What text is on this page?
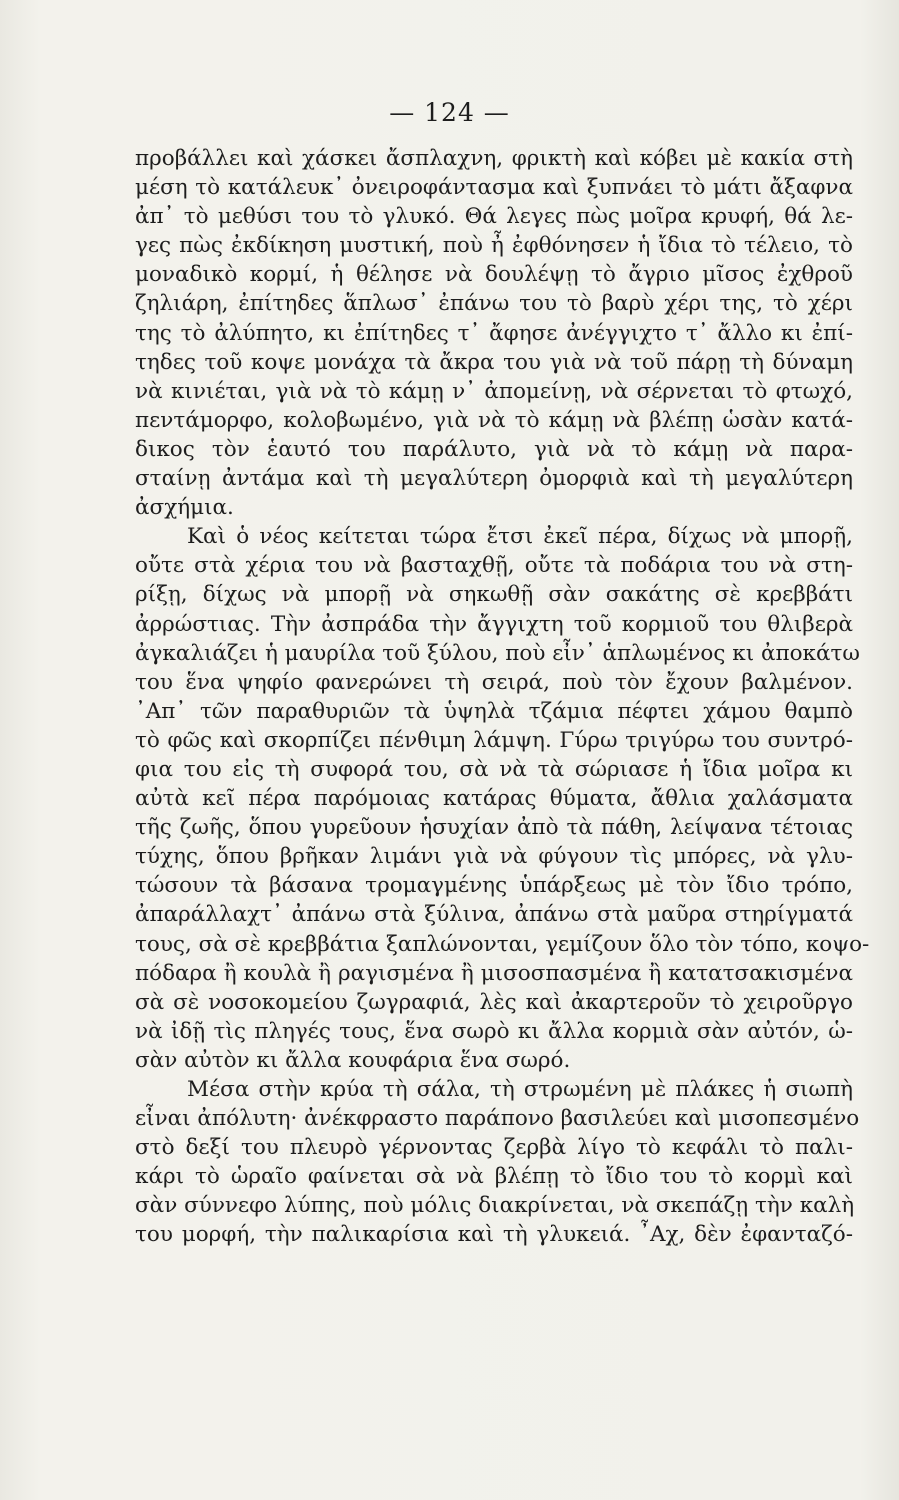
— 124 —
προβάλλει καὶ χάσκει ἄσπλαχνη, φρικτὴ καὶ κόβει μὲ κακία στὴ
μέση τὸ κατάλευκ᾽ ὀνειροφάντασμα καὶ ξυπνάει τὸ μάτι ἄξαφνα
ἀπ᾽ τὸ μεθύσι του τὸ γλυκό. Θά λεγες πὼς μοῖρα κρυφή, θά λε-
γες πὼς ἐκδίκηση μυστική, ποὺ ἦ ἐφθόνησεν ἡ ἴδια τὸ τέλειο, τὸ
μοναδικὸ κορμί, ἡ θέλησε νὰ δουλέψῃ τὸ ἄγριο μῖσος ἐχθροῦ
ζηλιάρη, ἐπίτηδες ἅπλωσ᾽ ἐπάνω του τὸ βαρὺ χέρι της, τὸ χέρι
της τὸ ἀλύπητο, κι ἐπίτηδες τ᾽ ἄφησε ἀνέγγιχτο τ᾽ ἄλλο κι ἐπί-
τηδες τοῦ κοψε μονάχα τὰ ἄκρα του γιὰ νὰ τοῦ πάρῃ τὴ δύναμη
νὰ κινιέται, γιὰ νὰ τὸ κάμῃ ν᾽ ἀπομείνῃ, νὰ σέρνεται τὸ φτωχό,
πεντάμορφο, κολοβωμένο, γιὰ νὰ τὸ κάμῃ νὰ βλέπῃ ὡσὰν κατά-
δικος τὸν ἑαυτό του παράλυτο, γιὰ νὰ τὸ κάμῃ νὰ παρα-
σταίνῃ ἀντάμα καὶ τὴ μεγαλύτερη ὀμορφιὰ καὶ τὴ μεγαλύτερη
ἀσχήμια.
Καὶ ὁ νέος κείτεται τώρα ἔτσι ἐκεῖ πέρα, δίχως νὰ μπορῇ,
οὔτε στὰ χέρια του νὰ βασταχθῇ, οὔτε τὰ ποδάρια του νὰ στη-
ρίξῃ, δίχως νὰ μπορῇ νὰ σηκωθῇ σὰν σακάτης σὲ κρεββάτι
ἀρρώστιας. Τὴν ἀσπράδα τὴν ἄγγιχτη τοῦ κορμιοῦ του θλιβερὰ
ἀγκαλιάζει ἡ μαυρίλα τοῦ ξύλου, ποὺ εἶν᾽ ἁπλωμένος κι ἀποκάτω
του ἕνα ψηφίο φανερώνει τὴ σειρά, ποὺ τὸν ἔχουν βαλμένον.
᾿Απ᾽ τῶν παραθυριῶν τὰ ὑψηλὰ τζάμια πέφτει χάμου θαμπὸ
τὸ φῶς καὶ σκορπίζει πένθιμη λάμψη. Γύρω τριγύρω του συντρό-
φια του εἰς τὴ συφορά του, σὰ νὰ τὰ σώριασε ἡ ἴδια μοῖρα κι
αὐτὰ κεῖ πέρα παρόμοιας κατάρας θύματα, ἄθλια χαλάσματα
τῆς ζωῆς, ὅπου γυρεῦουν ἡσυχίαν ἀπὸ τὰ πάθη, λείψανα τέτοιας
τύχης, ὅπου βρῆκαν λιμάνι γιὰ νὰ φύγουν τὶς μπόρες, νὰ γλυ-
τώσουν τὰ βάσανα τρομαγμένης ὑπάρξεως μὲ τὸν ἴδιο τρόπο,
ἀπαράλλαχτ᾽ ἀπάνω στὰ ξύλινα, ἀπάνω στὰ μαῦρα στηρίγματά
τους, σὰ σὲ κρεββάτια ξαπλώνονται, γεμίζουν ὅλο τὸν τόπο, κοψο-
πόδαρα ἢ κουλὰ ἢ ραγισμένα ἢ μισοσπασμένα ἢ κατατσακισμένα
σὰ σὲ νοσοκομείου ζωγραφιά, λὲς καὶ ἀκαρτεροῦν τὸ χειροῦργο
νὰ ἰδῇ τὶς πληγές τους, ἕνα σωρὸ κι ἄλλα κορμιὰ σὰν αὐτόν, ὡ-
σὰν αὐτὸν κι ἄλλα κουφάρια ἕνα σωρό.
Μέσα στὴν κρύα τὴ σάλα, τὴ στρωμένη μὲ πλάκες ἡ σιωπὴ
εἶναι ἀπόλυτη· ἀνέκφραστο παράπονο βασιλεύει καὶ μισοπεσμένο
στὸ δεξί του πλευρὸ γέρνοντας ζερβὰ λίγο τὸ κεφάλι τὸ παλι-
κάρι τὸ ὡραῖο φαίνεται σὰ νὰ βλέπῃ τὸ ἴδιο του τὸ κορμὶ καὶ
σὰν σύννεφο λύπης, ποὺ μόλις διακρίνεται, νὰ σκεπάζῃ τὴν καλὴ
του μορφή, τὴν παλικαρίσια καὶ τὴ γλυκειά. ῏Αχ, δὲν ἐφανταζό-
